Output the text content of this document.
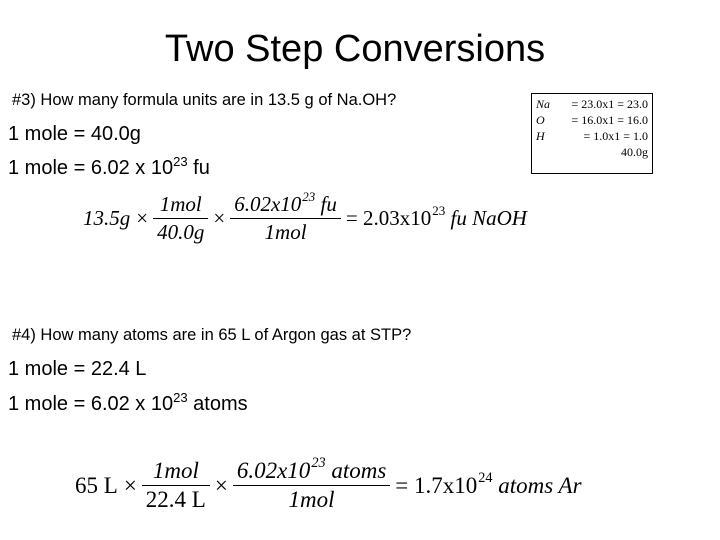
Two Step Conversions
#3) How many formula units are in 13.5 g of Na.OH?
1 mole = 40.0g
1 mole = 6.02 x $10^{23}$ fu
Na = 23.0x1 = 23.0
O = 16.0x1 = 16.0
H	= 1.0x1 = 1.0
40.0g
$13.5g \times \frac{\text{1mol}}{40.0g} \times \frac{6.02x10^{23} fu}{\text{1mol}} = 2.03x10^{23}$ fu NaOH
#4) How many atoms are in 65 L of Argon gas at STP?
1 mole = 22.4 L
1 mole = 6.02 x $10^{23}$ atoms
65 $L \times \frac{\text{1mol}}{22.4 L} \times \frac{6.02x10^{23} atoms}{\text{1mol}} = 1.7x10^{24}$ atoms Ar
